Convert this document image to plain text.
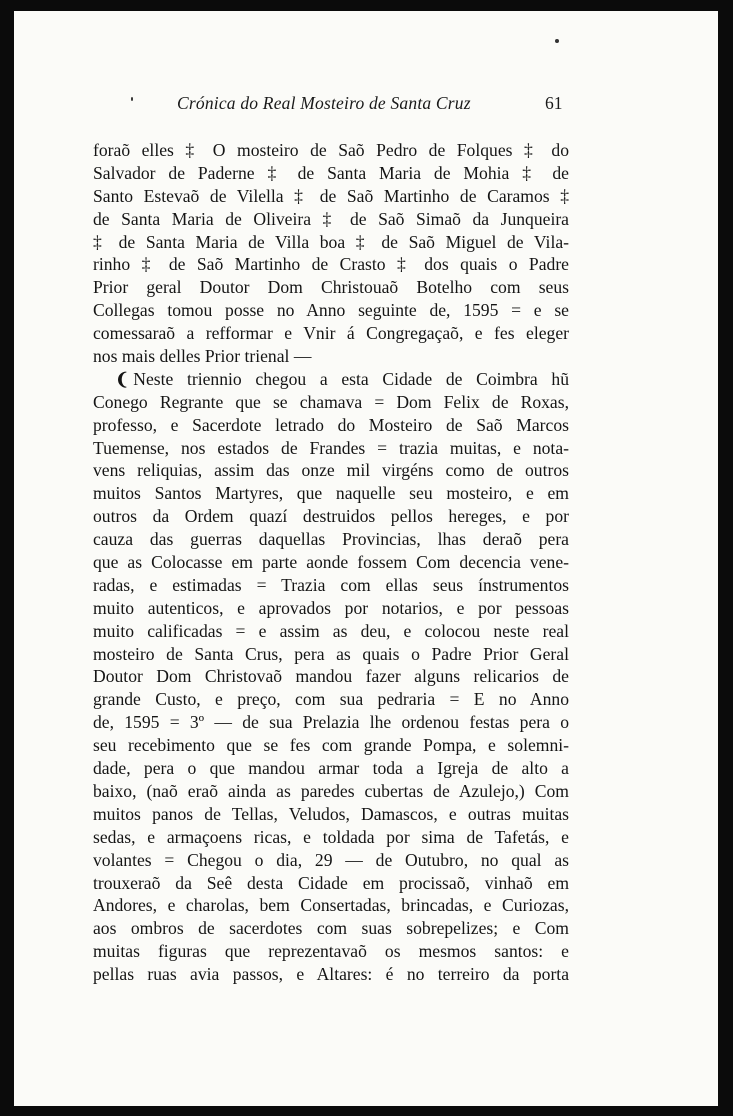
Crónica do Real Mosteiro de Santa Cruz	61
foraõ elles ‡ O mosteiro de Saõ Pedro de Folques ‡ do
Salvador de Paderne ‡ de Santa Maria de Mohia ‡ de
Santo Estevaõ de Vilella ‡ de Saõ Martinho de Caramos ‡
de Santa Maria de Oliveira ‡ de Saõ Simaõ da Junqueira
‡ de Santa Maria de Villa boa ‡ de Saõ Miguel de Vila-
rinho ‡ de Saõ Martinho de Crasto ‡ dos quais o Padre
Prior geral Doutor Dom Christouaõ Botelho com seus
Collegas tomou posse no Anno seguinte de, 1595 = e se
comessaraõ a refformar e Vnir á Congregaçaõ, e fes eleger
nos mais delles Prior trienal —
❨ Neste triennio chegou a esta Cidade de Coimbra hũ
Conego Regrante que se chamava = Dom Felix de Roxas,
professo, e Sacerdote letrado do Mosteiro de Saõ Marcos
Tuemense, nos estados de Frandes = trazia muitas, e nota-
vens reliquias, assim das onze mil virgéns como de outros
muitos Santos Martyres, que naquelle seu mosteiro, e em
outros da Ordem quazí destruidos pellos hereges, e por
cauza das guerras daquellas Provincias, lhas deraõ pera
que as Colocasse em parte aonde fossem Com decencia vene-
radas, e estimadas = Trazia com ellas seus ínstrumentos
muito autenticos, e aprovados por notarios, e por pessoas
muito calificadas = e assim as deu, e colocou neste real
mosteiro de Santa Crus, pera as quais o Padre Prior Geral
Doutor Dom Christovaõ mandou fazer alguns relicarios de
grande Custo, e preço, com sua pedraria = E no Anno
de, 1595 = 3º — de sua Prelazia lhe ordenou festas pera o
seu recebimento que se fes com grande Pompa, e solemni-
dade, pera o que mandou armar toda a Igreja de alto a
baixo, (naõ eraõ ainda as paredes cubertas de Azulejo,) Com
muitos panos de Tellas, Veludos, Damascos, e outras muitas
sedas, e armaçoens ricas, e toldada por sima de Tafetás, e
volantes = Chegou o dia, 29 — de Outubro, no qual as
trouxeraõ da Seê desta Cidade em procissaõ, vinhaõ em
Andores, e charolas, bem Consertadas, brincadas, e Curiozas,
aos ombros de sacerdotes com suas sobrepelizes; e Com
muitas figuras que reprezentavaõ os mesmos santos: e
pellas ruas avia passos, e Altares: é no terreiro da porta
